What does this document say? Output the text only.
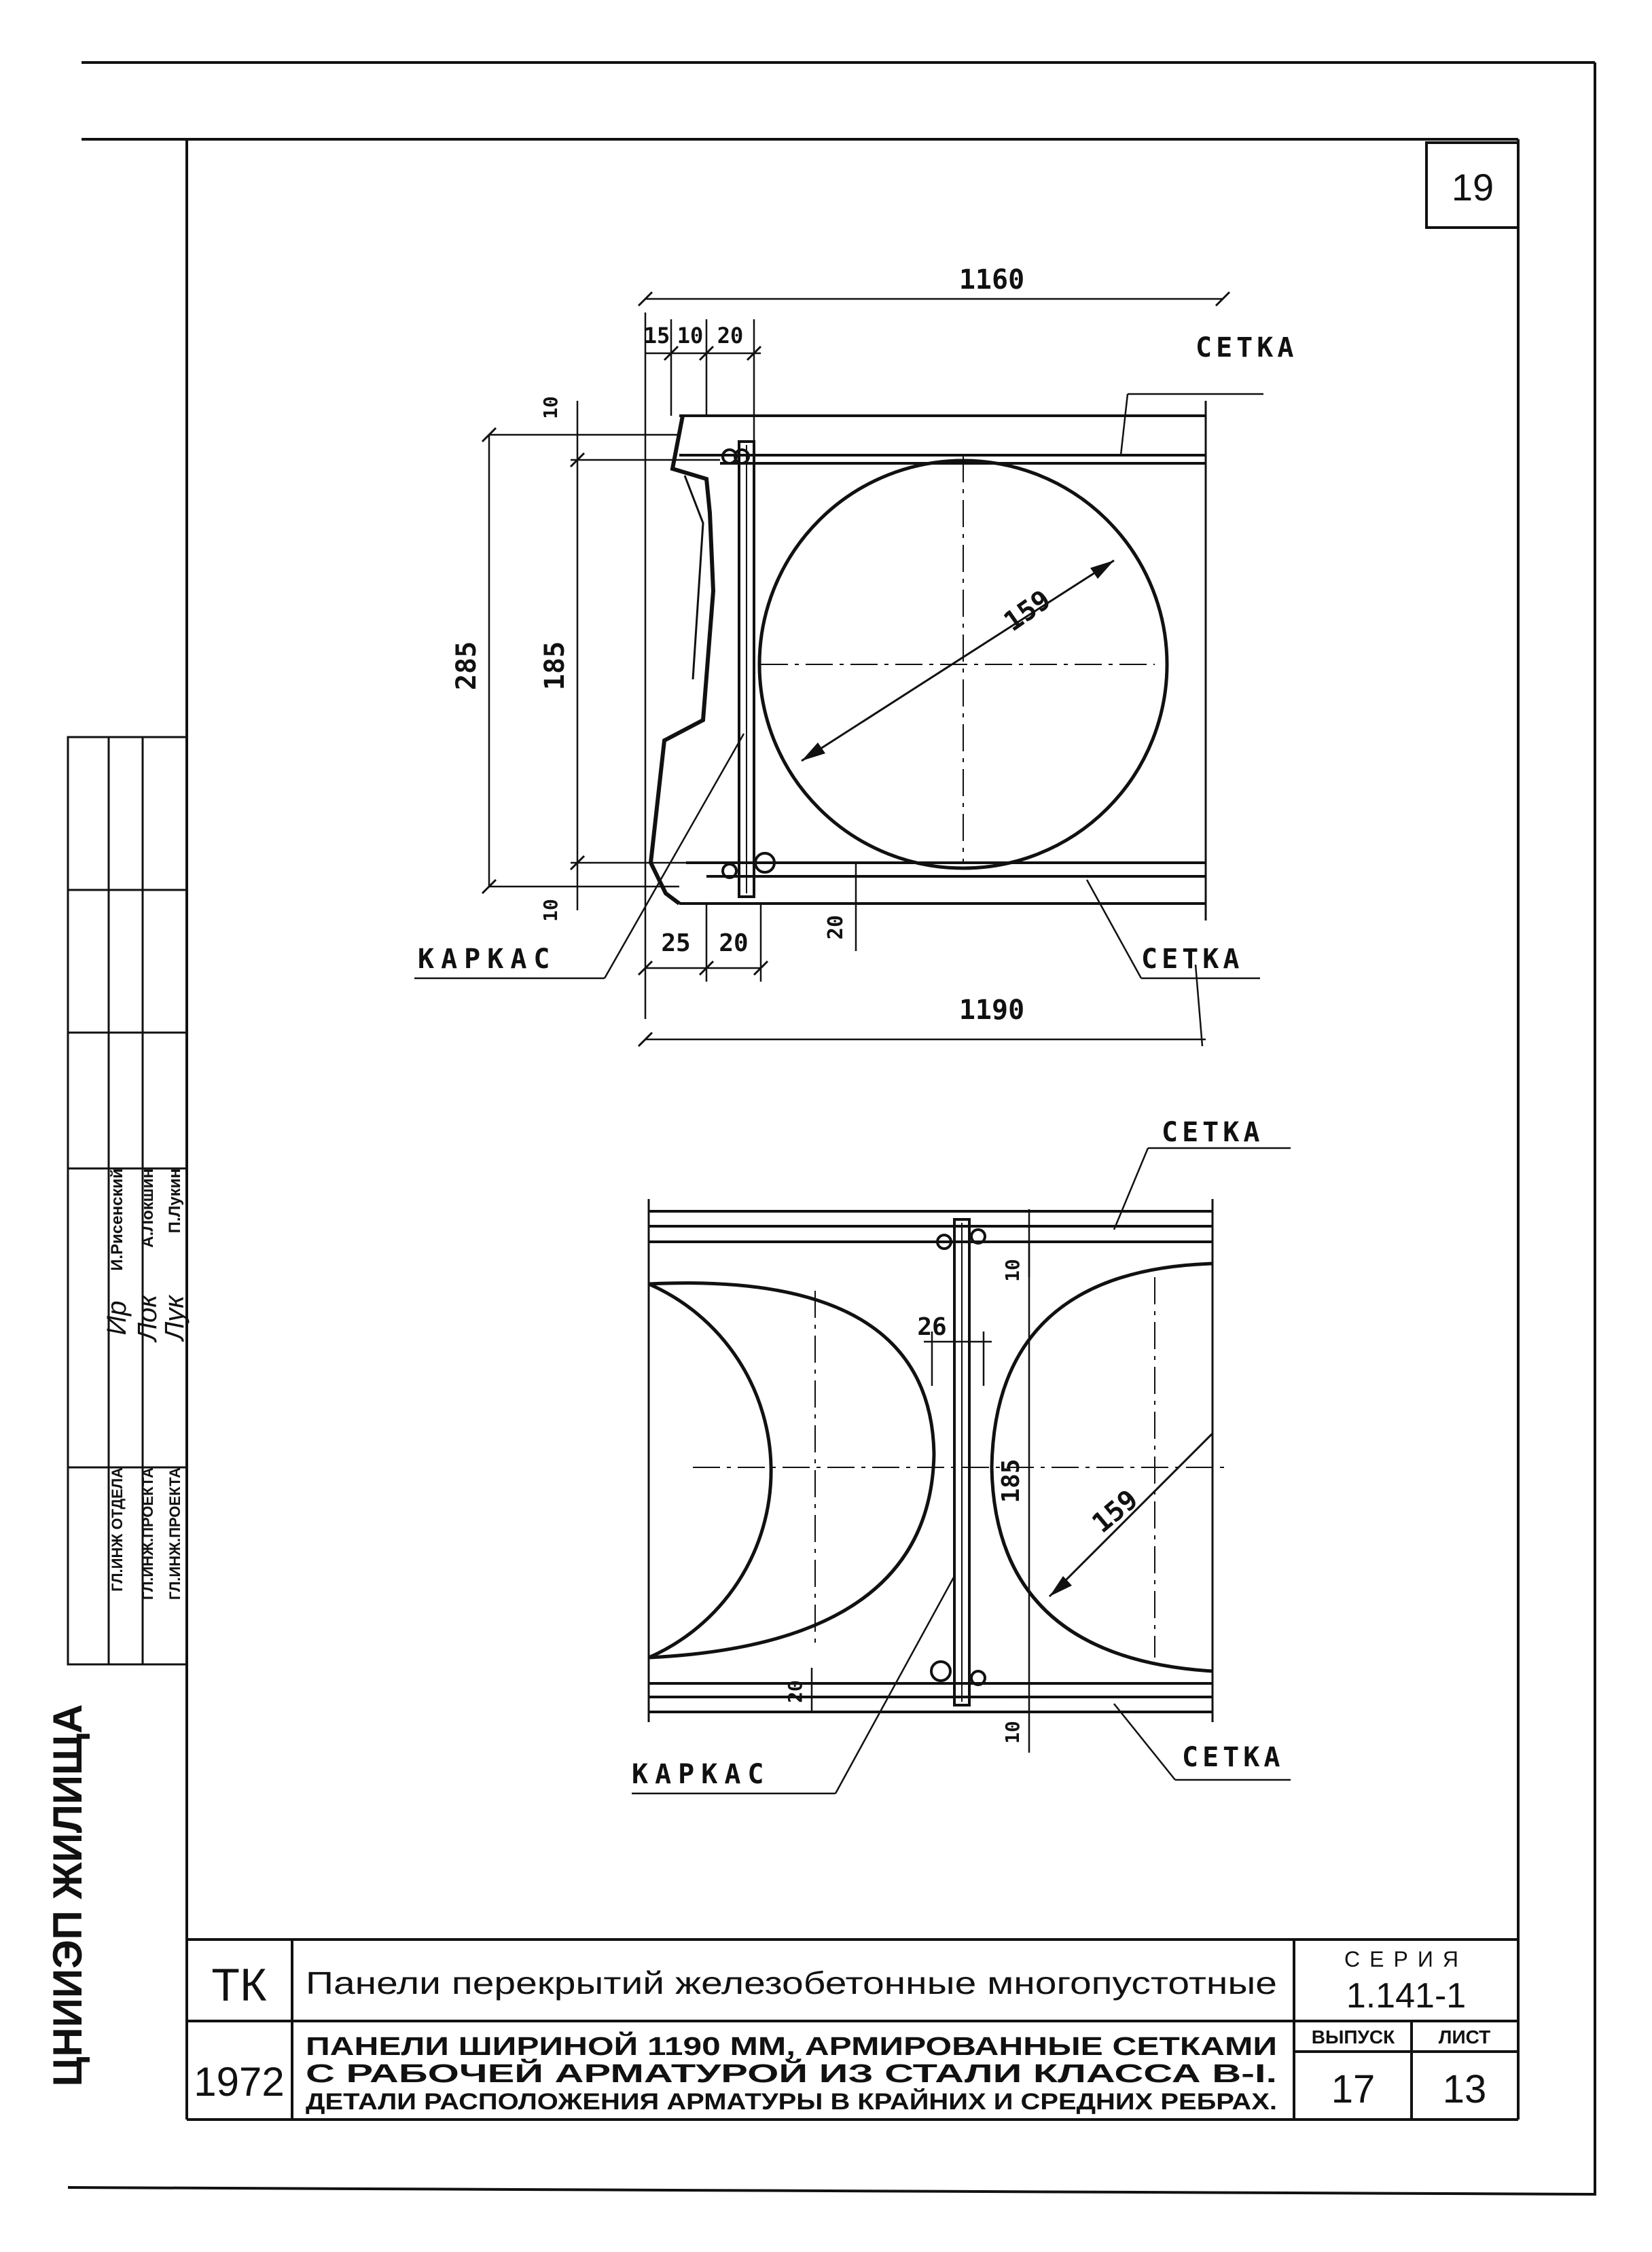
19
1160
15 10 20	СЕТКА
10
285 185
159
10
КАРКАС
25 20
20
СЕТКА
1190
СЕТКА
26
10
185
159
20
10
КАРКАС
СЕТКА
ЦНИИЭП ЖИЛИЩА
ГЛ.ИНЖ ОТДЕЛА ГЛ.ИНЖ.ПРОЕКТА ГЛ.ИНЖ.ПРОЕКТА
Ир Лок
Лук
И.Рисенский А.Локшин П.Лукин
ТК
1972
Панели перекрытий железобетонные многопустотные
ПАНЕЛИ ШИРИНОЙ 1190 ММ, АРМИРОВАННЫЕ СЕТКАМИ
С РАБОЧЕЙ АРМАТУРОЙ ИЗ СТАЛИ КЛАССА В-I.
ДЕТАЛИ РАСПОЛОЖЕНИЯ АРМАТУРЫ В КРАЙНИХ И СРЕДНИХ РЕБРАХ.
СЕРИЯ
1.141-1
ВЫПУСК
17
ЛИСТ
13
